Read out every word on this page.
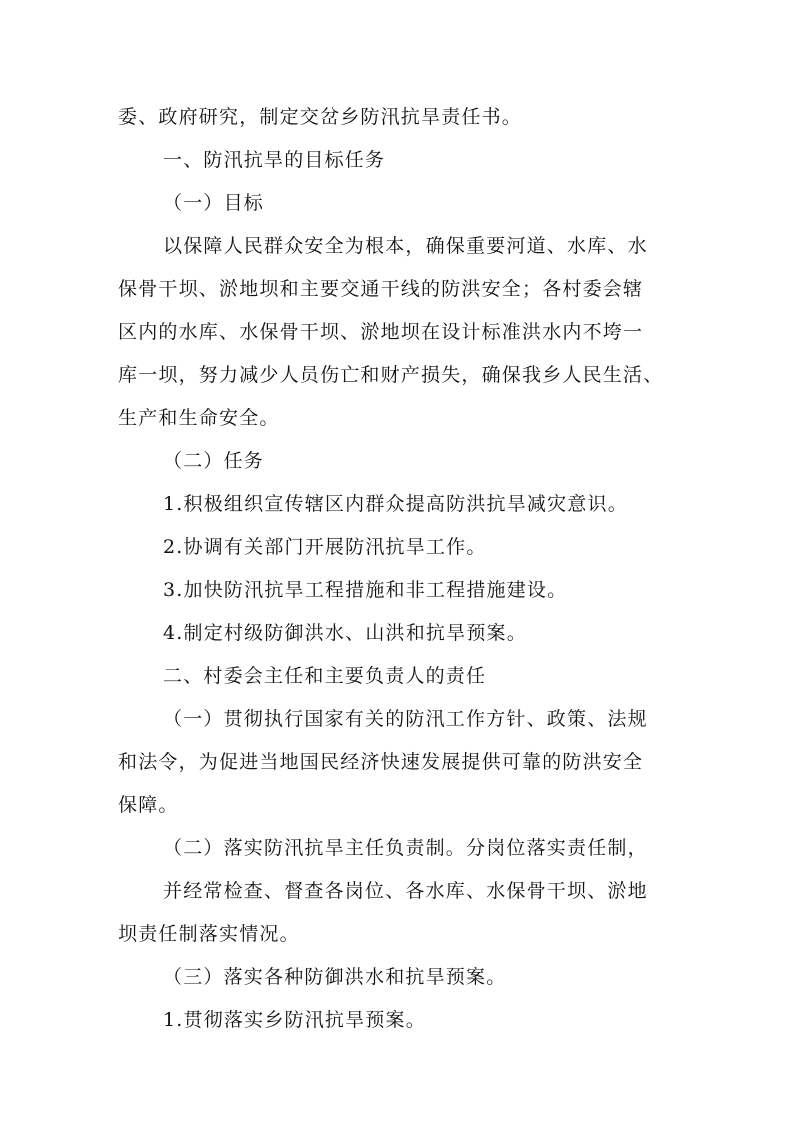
委、政府研究，制定交岔乡防汛抗旱责任书。
一、防汛抗旱的目标任务
（一）目标
以保障人民群众安全为根本，确保重要河道、水库、水
保骨干坝、淤地坝和主要交通干线的防洪安全；各村委会辖
区内的水库、水保骨干坝、淤地坝在设计标准洪水内不垮一
库一坝，努力减少人员伤亡和财产损失，确保我乡人民生活、
生产和生命安全。
（二）任务
1.积极组织宣传辖区内群众提高防洪抗旱减灾意识。
2.协调有关部门开展防汛抗旱工作。
3.加快防汛抗旱工程措施和非工程措施建设。
4.制定村级防御洪水、山洪和抗旱预案。
二、村委会主任和主要负责人的责任
（一）贯彻执行国家有关的防汛工作方针、政策、法规
和法令，为促进当地国民经济快速发展提供可靠的防洪安全
保障。
（二）落实防汛抗旱主任负责制。分岗位落实责任制，
并经常检查、督查各岗位、各水库、水保骨干坝、淤地
坝责任制落实情况。
（三）落实各种防御洪水和抗旱预案。
1.贯彻落实乡防汛抗旱预案。
